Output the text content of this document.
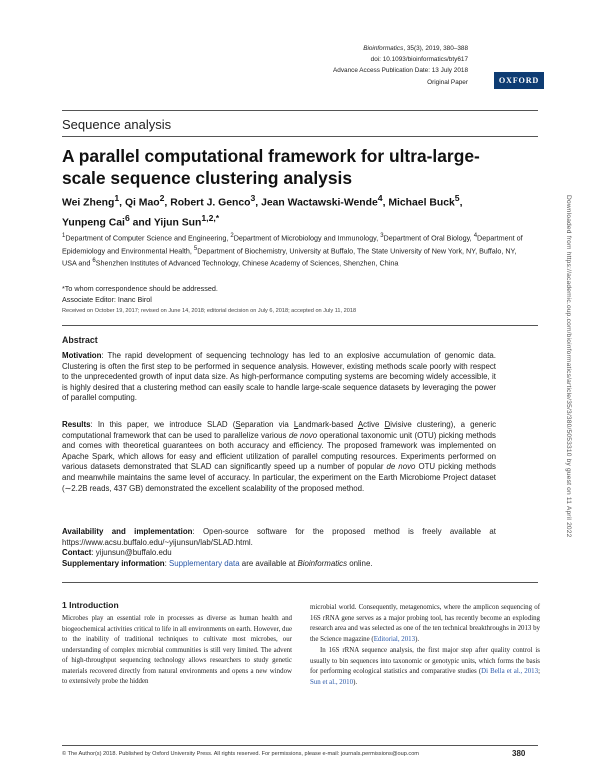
Bioinformatics, 35(3), 2019, 380–388
doi: 10.1093/bioinformatics/bty617
Advance Access Publication Date: 13 July 2018
Original Paper	OXFORD
Sequence analysis
A parallel computational framework for ultra-large-scale sequence clustering analysis
Wei Zheng$^1$, Qi Mao$^2$, Robert J. Genco$^3$, Jean Wactawski-Wende$^4$, Michael Buck$^5$, Yunpeng Cai$^6$ and Yijun Sun$^{1,2,*}$
$^1$Department of Computer Science and Engineering, $^2$Department of Microbiology and Immunology, $^3$Department of Oral Biology, $^4$Department of Epidemiology and Environmental Health, $^5$Department of Biochemistry, University at Buffalo, The State University of New York, NY, Buffalo, NY, USA and $^6$Shenzhen Institutes of Advanced Technology, Chinese Academy of Sciences, Shenzhen, China
*To whom correspondence should be addressed.
Associate Editor: Inanc Birol
Received on October 19, 2017; revised on June 14, 2018; editorial decision on July 6, 2018; accepted on July 11, 2018
Abstract
Motivation: The rapid development of sequencing technology has led to an explosive accumulation of genomic data. Clustering is often the first step to be performed in sequence analysis. However, existing methods scale poorly with respect to the unprecedented growth of input data size. As high-performance computing systems are becoming widely accessible, it is highly desired that a clustering method can easily scale to handle large-scale sequence datasets by leveraging the power of parallel computing.
Results: In this paper, we introduce SLAD (Separation via Landmark-based Active Divisive clustering), a generic computational framework that can be used to parallelize various de novo operational taxonomic unit (OTU) picking methods and comes with theoretical guarantees on both accuracy and efficiency. The proposed framework was implemented on Apache Spark, which allows for easy and efficient utilization of parallel computing resources. Experiments performed on various datasets demonstrated that SLAD can significantly speed up a number of popular de novo OTU picking methods and meanwhile maintains the same level of accuracy. In particular, the experiment on the Earth Microbiome Project dataset (∼2.2B reads, 437 GB) demonstrated the excellent scalability of the proposed method.
Availability and implementation: Open-source software for the proposed method is freely available at https://www.acsu.buffalo.edu/~yijunsun/lab/SLAD.html.
Contact: yijunsun@buffalo.edu
Supplementary information: Supplementary data are available at Bioinformatics online.
1 Introduction
Microbes play an essential role in processes as diverse as human health and biogeochemical activities critical to life in all environments on earth. However, due to the inability of traditional techniques to cultivate most microbes, our understanding of complex microbial communities is still very limited. The advent of high-throughput sequencing technology allows researchers to study genetic materials recovered directly from natural environments and opens a new window to extensively probe the hidden
microbial world. Consequently, metagenomics, where the amplicon sequencing of 16S rRNA gene serves as a major probing tool, has recently become an exploding research area and was selected as one of the ten technical breakthroughs in 2013 by the Science magazine (Editorial, 2013).
In 16S rRNA sequence analysis, the first major step after quality control is usually to bin sequences into taxonomic or genotypic units, which forms the basis for performing ecological statistics and comparative studies (Di Bella et al., 2013; Sun et al., 2010).
© The Author(s) 2018. Published by Oxford University Press. All rights reserved. For permissions, please e-mail: journals.permissions@oup.com	380
Downloaded from https://academic.oup.com/bioinformatics/article/35/3/380/5053310 by guest on 11 April 2022
